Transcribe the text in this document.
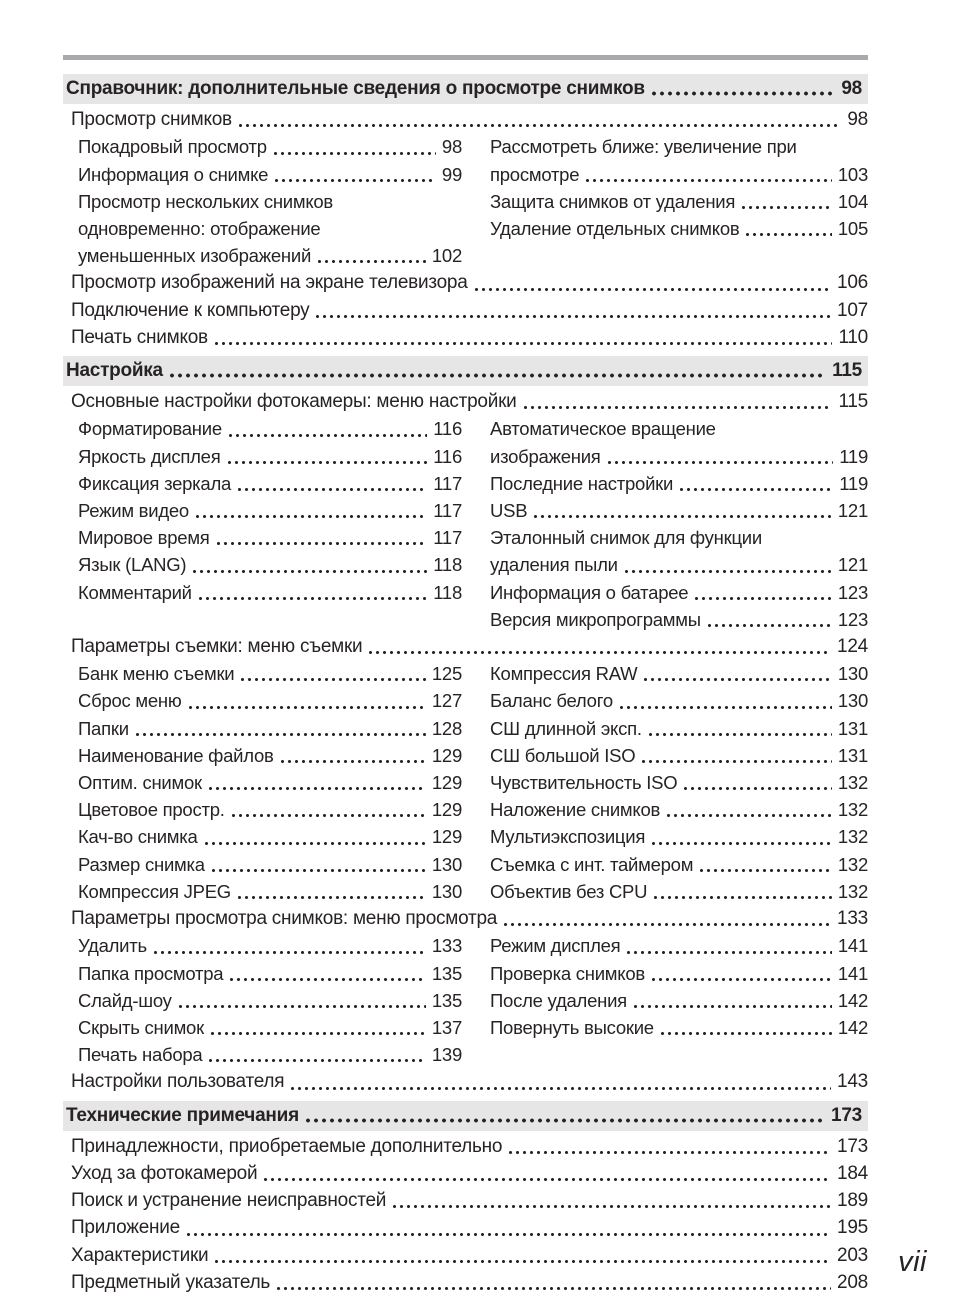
Справочник: дополнительные сведения о просмотре снимков	98
Просмотр снимков	98
Покадровый просмотр	98
Информация о снимке	99
Просмотр нескольких снимков
одновременно: отображение
уменьшенных изображений	102
Рассмотреть ближе: увеличение при
просмотре	103
Защита снимков от удаления	104
Удаление отдельных снимков	105
Просмотр изображений на экране телевизора	106
Подключение к компьютеру	107
Печать снимков	110
Настройка	115
Основные настройки фотокамеры: меню настройки	115
Форматирование	116
Яркость дисплея	116
Фиксация зеркала	117
Режим видео	117
Мировое время	117
Язык (LANG)	118
Комментарий	118
Автоматическое вращение
изображения	119
Последние настройки	119
USB	121
Эталонный снимок для функции
удаления пыли	121
Информация о батарее	123
Версия микропрограммы	123
Параметры съемки: меню съемки	124
Банк меню съемки	125
Сброс меню	127
Папки	128
Наименование файлов	129
Оптим. снимок	129
Цветовое простр.	129
Кач-во снимка	129
Размер снимка	130
Компрессия JPEG	130
Компрессия RAW	130
Баланс белого	130
СШ длинной эксп.	131
СШ большой ISO	131
Чувствительность ISO	132
Наложение снимков	132
Мультиэкспозиция	132
Съемка с инт. таймером	132
Объектив без CPU	132
Параметры просмотра снимков: меню просмотра	133
Удалить	133
Папка просмотра	135
Слайд-шоу	135
Скрыть снимок	137
Печать набора	139
Режим дисплея	141
Проверка снимков	141
После удаления	142
Повернуть высокие	142
Настройки пользователя	143
Технические примечания	173
Принадлежности, приобретаемые дополнительно	173
Уход за фотокамерой	184
Поиск и устранение неисправностей	189
Приложение	195
Характеристики	203
Предметный указатель	208
vii
